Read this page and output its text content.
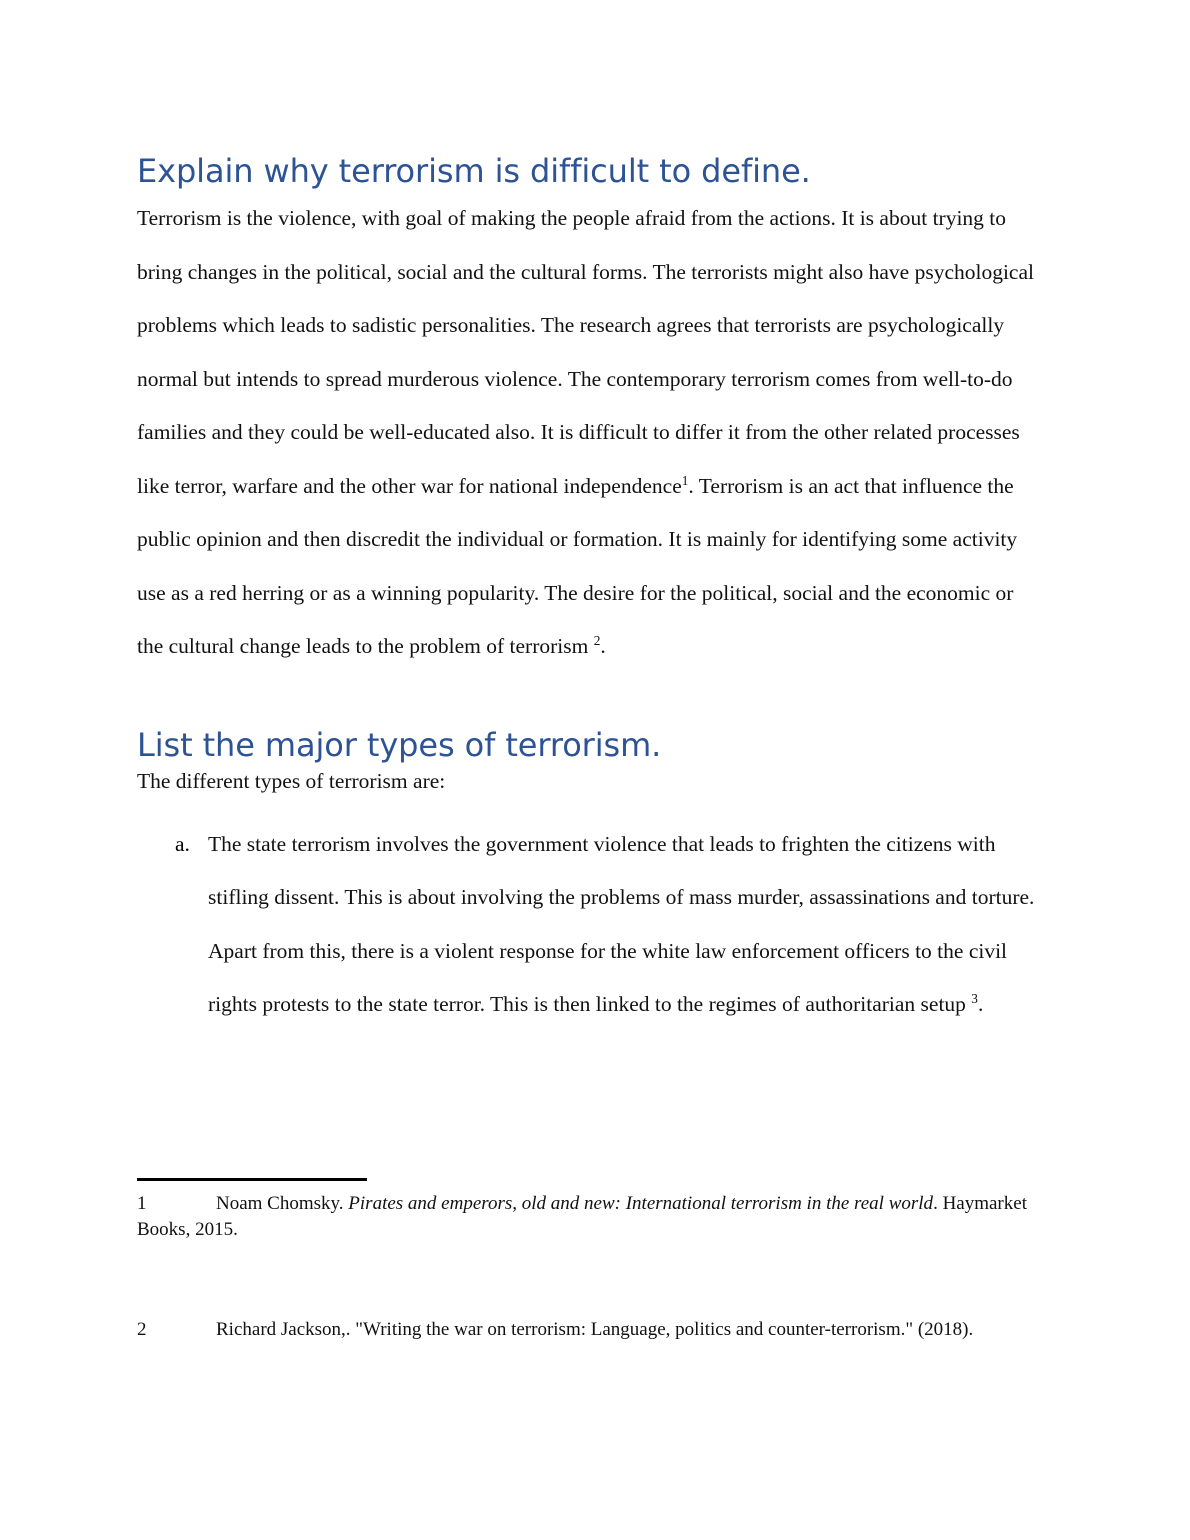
Explain why terrorism is difficult to define.

Terrorism is the violence, with goal of making the people afraid from the actions. It is about trying to bring changes in the political, social and the cultural forms. The terrorists might also have psychological problems which leads to sadistic personalities. The research agrees that terrorists are psychologically normal but intends to spread murderous violence. The contemporary terrorism comes from well-to-do families and they could be well-educated also. It is difficult to differ it from the other related processes like terror, warfare and the other war for national independence$^1$. Terrorism is an act that influence the public opinion and then discredit the individual or formation. It is mainly for identifying some activity use as a red herring or as a winning popularity. The desire for the political, social and the economic or the cultural change leads to the problem of terrorism $^2$.

List the major types of terrorism.

The different types of terrorism are:

a. The state terrorism involves the government violence that leads to frighten the citizens with stifling dissent. This is about involving the problems of mass murder, assassinations and torture. Apart from this, there is a violent response for the white law enforcement officers to the civil rights protests to the state terror. This is then linked to the regimes of authoritarian setup $^3$.

1	Noam Chomsky. Pirates and emperors, old and new: International terrorism in the real world. Haymarket Books, 2015.

2	Richard Jackson,. "Writing the war on terrorism: Language, politics and counter-terrorism." (2018).
